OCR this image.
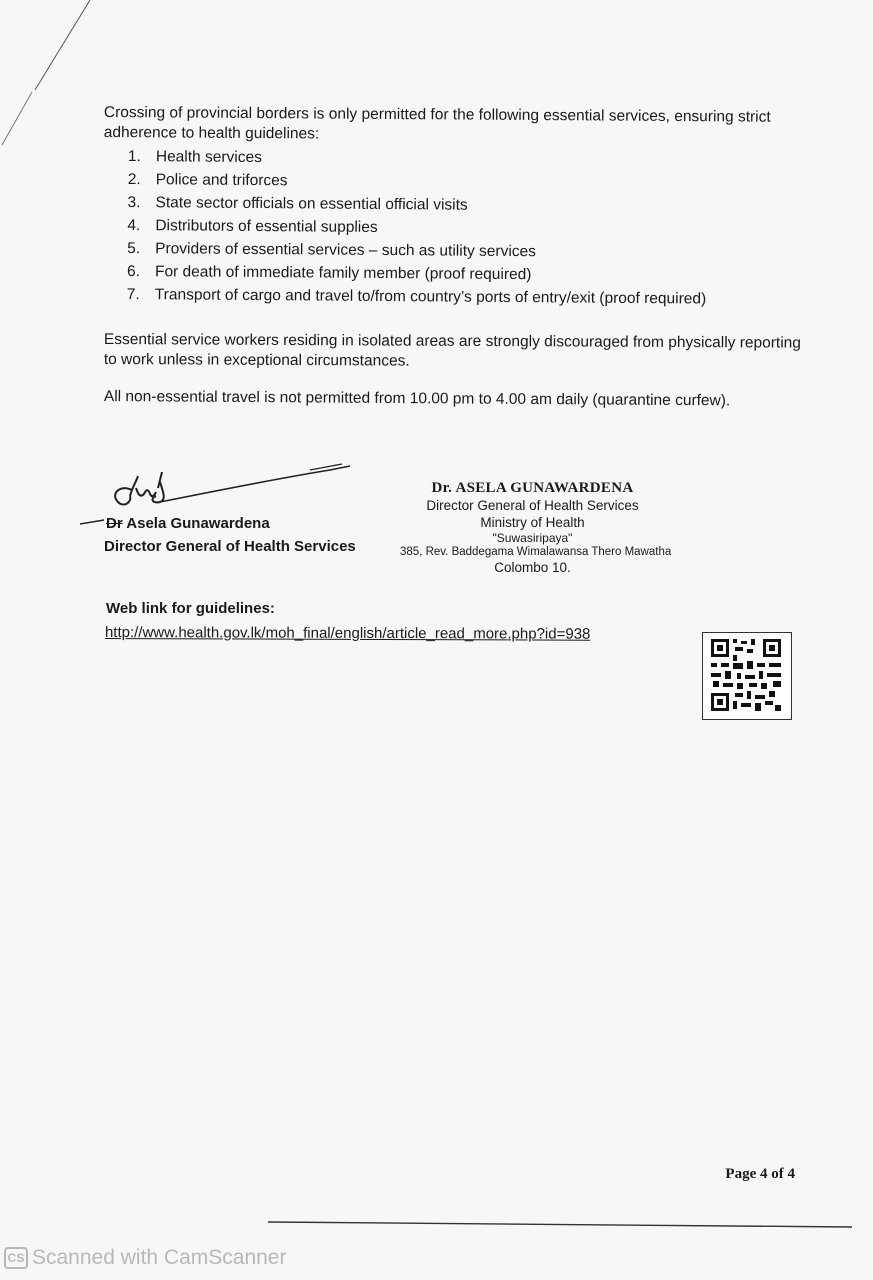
Crossing of provincial borders is only permitted for the following essential services, ensuring strict adherence to health guidelines:
1. Health services
2. Police and triforces
3. State sector officials on essential official visits
4. Distributors of essential supplies
5. Providers of essential services – such as utility services
6. For death of immediate family member (proof required)
7. Transport of cargo and travel to/from country’s ports of entry/exit (proof required)
Essential service workers residing in isolated areas are strongly discouraged from physically reporting to work unless in exceptional circumstances.
All non-essential travel is not permitted from 10.00 pm to 4.00 am daily (quarantine curfew).
Dr Asela Gunawardena
Director General of Health Services
Dr. ASELA GUNAWARDENA
Director General of Health Services
Ministry of Health
"Suwasiripaya"
385, Rev. Baddegama Wimalawansa Thero Mawatha
Colombo 10.
Web link for guidelines:
http://www.health.gov.lk/moh_final/english/article_read_more.php?id=938
Page 4 of 4
CS Scanned with CamScanner
